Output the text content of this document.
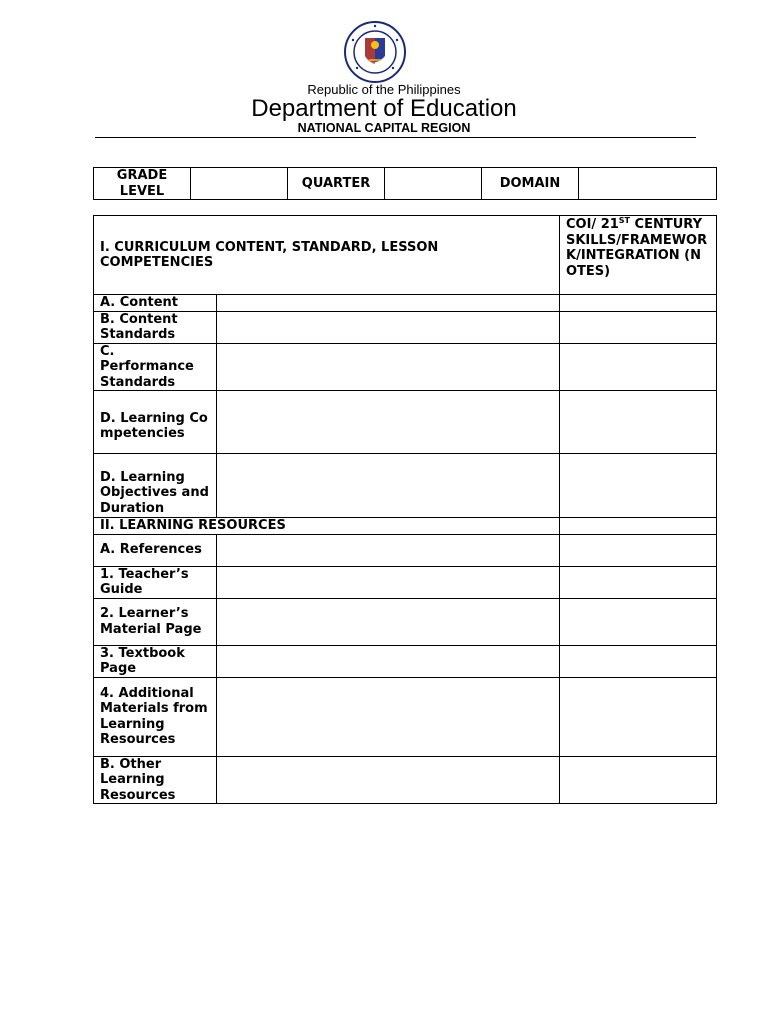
Republic of the Philippines
Department of Education
NATIONAL CAPITAL REGION
GRADE LEVEL		QUARTER		DOMAIN	
I. CURRICULUM CONTENT, STANDARD, LESSON COMPETENCIES		COI/ 21ST CENTURY SKILLS/FRAMEWORK/INTEGRATION (NOTES)
A. Content		
B. Content Standards		
C. Performance Standards		
D. Learning Competencies		
D. Learning Objectives and Duration		
II. LEARNING RESOURCES		
A. References		
1. Teacher’s Guide		
2. Learner’s Material Page		
3. Textbook Page		
4. Additional Materials from Learning Resources		
B. Other Learning Resources		
